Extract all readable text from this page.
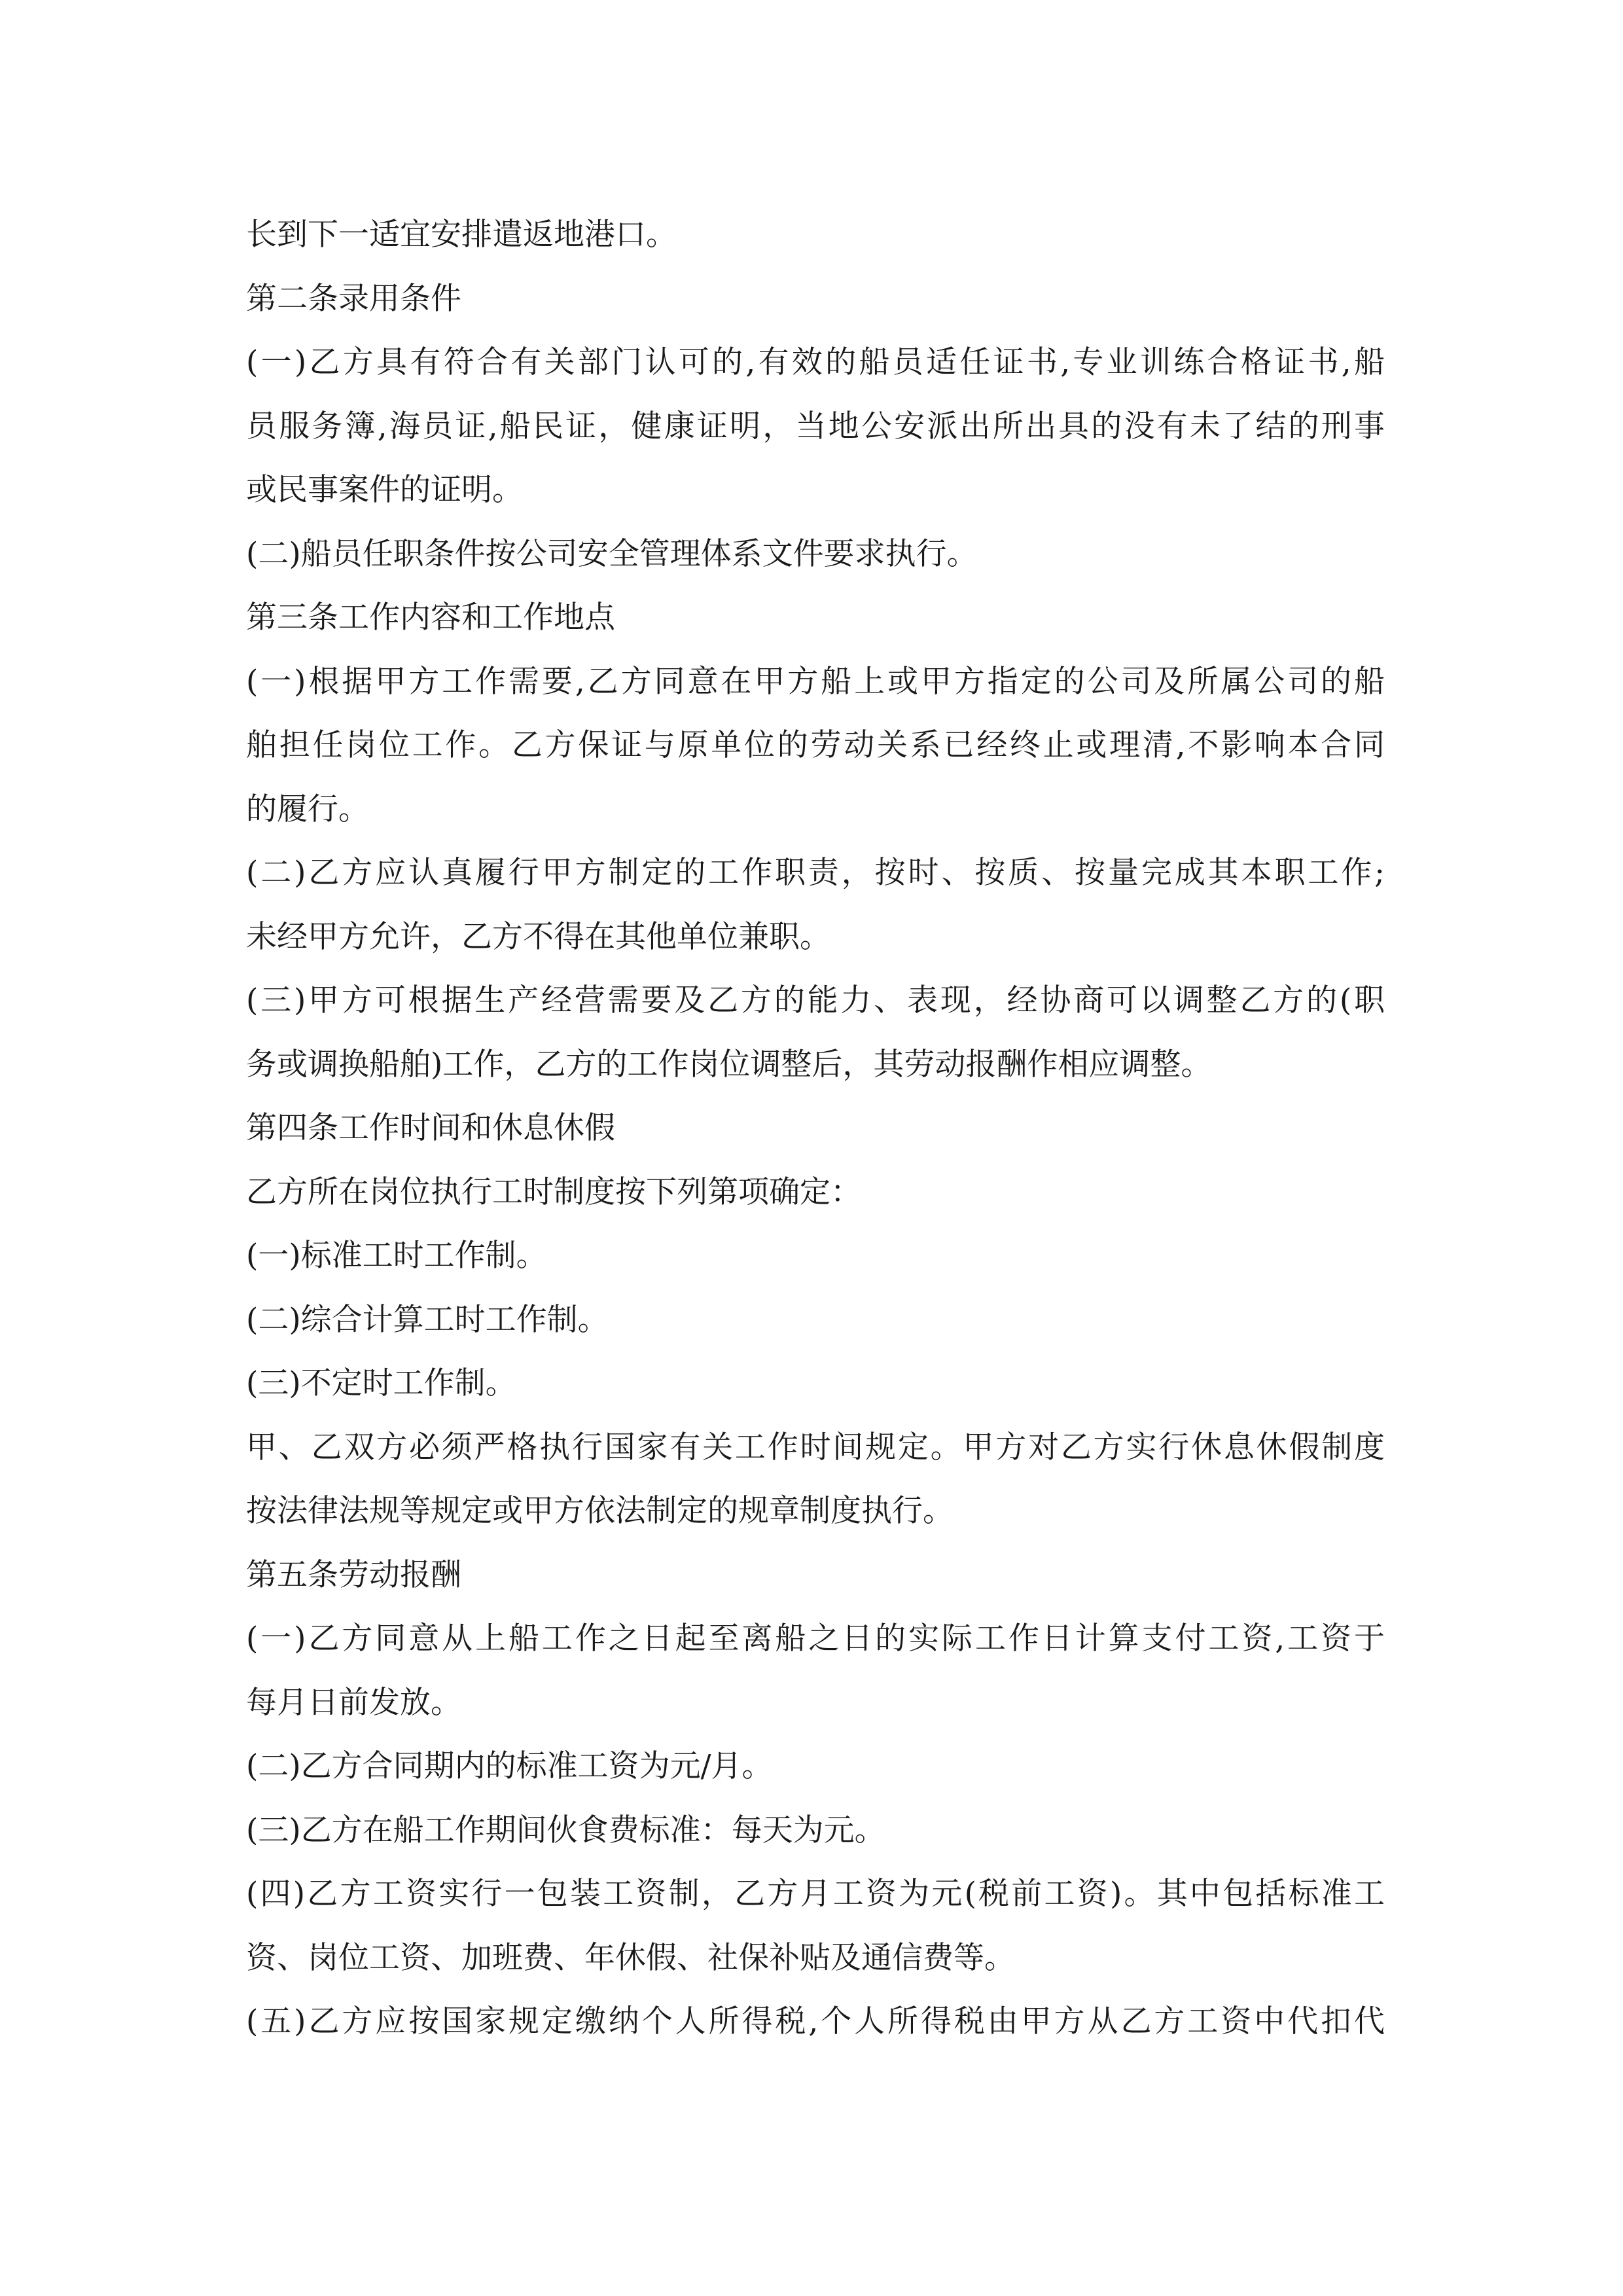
长到下一适宜安排遣返地港口。
第二条录用条件
(一)乙方具有符合有关部门认可的,有效的船员适任证书,专业训练合格证书,船
员服务簿,海员证,船民证，健康证明，当地公安派出所出具的没有未了结的刑事
或民事案件的证明。
(二)船员任职条件按公司安全管理体系文件要求执行。
第三条工作内容和工作地点
(一)根据甲方工作需要,乙方同意在甲方船上或甲方指定的公司及所属公司的船
舶担任岗位工作。乙方保证与原单位的劳动关系已经终止或理清,不影响本合同
的履行。
(二)乙方应认真履行甲方制定的工作职责，按时、按质、按量完成其本职工作;
未经甲方允许，乙方不得在其他单位兼职。
(三)甲方可根据生产经营需要及乙方的能力、表现，经协商可以调整乙方的(职
务或调换船舶)工作，乙方的工作岗位调整后，其劳动报酬作相应调整。
第四条工作时间和休息休假
乙方所在岗位执行工时制度按下列第项确定：
(一)标准工时工作制。
(二)综合计算工时工作制。
(三)不定时工作制。
甲、乙双方必须严格执行国家有关工作时间规定。甲方对乙方实行休息休假制度
按法律法规等规定或甲方依法制定的规章制度执行。
第五条劳动报酬
(一)乙方同意从上船工作之日起至离船之日的实际工作日计算支付工资,工资于
每月日前发放。
(二)乙方合同期内的标准工资为元/月。
(三)乙方在船工作期间伙食费标准：每天为元。
(四)乙方工资实行一包装工资制，乙方月工资为元(税前工资)。其中包括标准工
资、岗位工资、加班费、年休假、社保补贴及通信费等。
(五)乙方应按国家规定缴纳个人所得税,个人所得税由甲方从乙方工资中代扣代
